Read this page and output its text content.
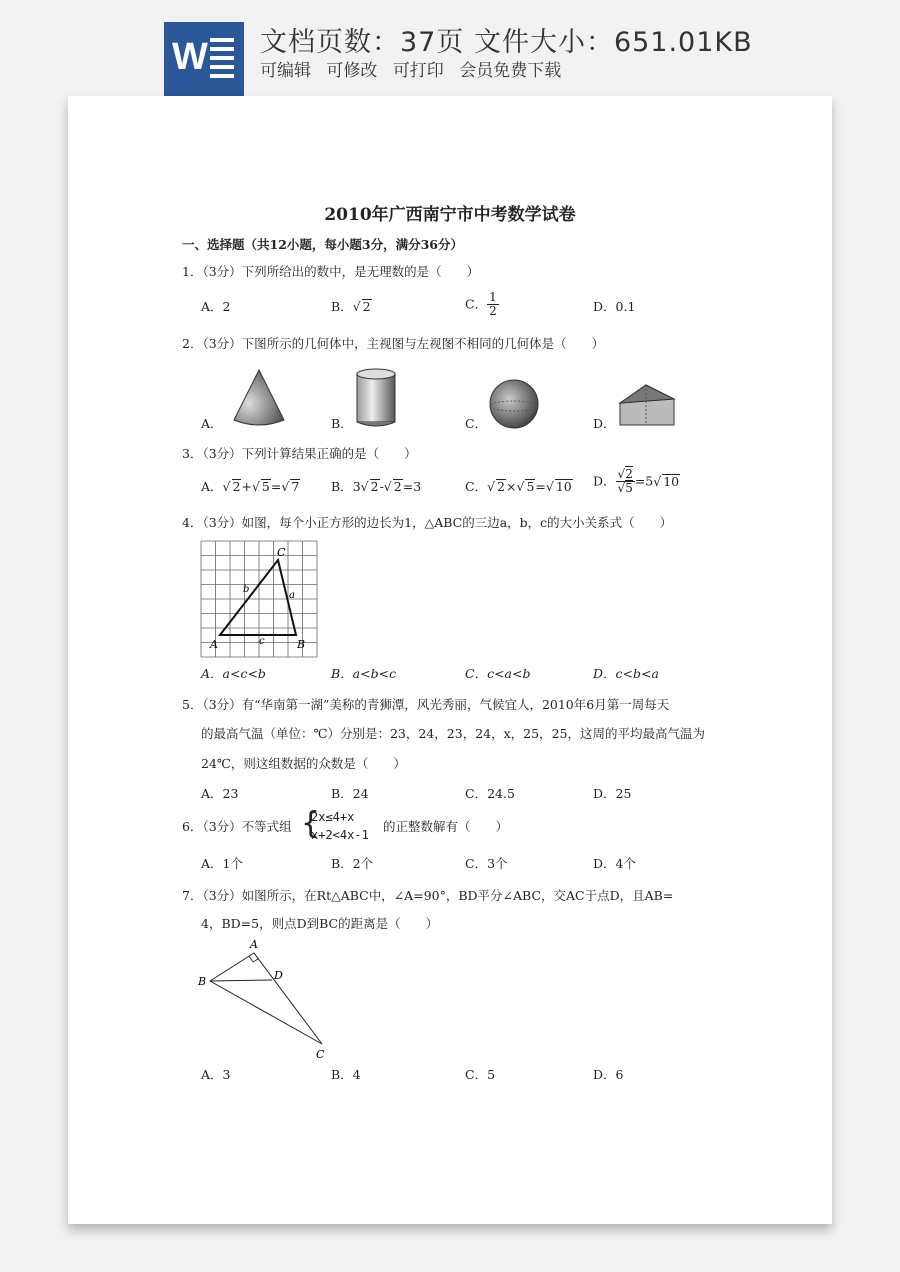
W 文档页数：37页 文件大小：651.01KB
可编辑 可修改 可打印 会员免费下载
2010年广西南宁市中考数学试卷
一、选择题（共12小题，每小题3分，满分36分）
1．（3分）下列所给出的数中，是无理数的是（　　）
A．2	B．√ 2	C． $\frac{1}{2}$	D．0.1
2．（3分）下图所示的几何体中，主视图与左视图不相同的几何体是（　　）
A．	B．	C．	D．
3．（3分）下列计算结果正确的是（　　）
A．√ 2+√ 5=√ 7	B．3√ 2-√ 2=3	C．√ 2×√ 5=√ 10 D． $\frac{√2}{√5} =5√$ 10
4．（3分）如图，每个小正方形的边长为1，△ABC的三边a，b，c的大小关系式（　　）
A	B
C
a
b
c
A．a<c<b	B．a<b<c	C．c<a<b	D．c<b<a
5．（3分）有“华南第一湖”美称的青狮潭，风光秀丽，气候宜人，2010年6月第一周每天
的最高气温（单位：℃）分别是：23，24，23，24，x，25，25，这周的平均最高气温为
24℃，则这组数据的众数是（　　）
A．23	B．24	C．24.5	D．25
6．（3分）不等式组 {
2x≤4+x
x+2<4x-1
的正整数解有（　　）
A．1个	B．2个	C．3个	D．4个
7．（3分）如图所示，在Rt△ABC中，∠A=90°，BD平分∠ABC，交AC于点D，且AB=
4，BD=5，则点D到BC的距离是（　　）
A
B	D
C
A．3	B．4	C．5	D．6
